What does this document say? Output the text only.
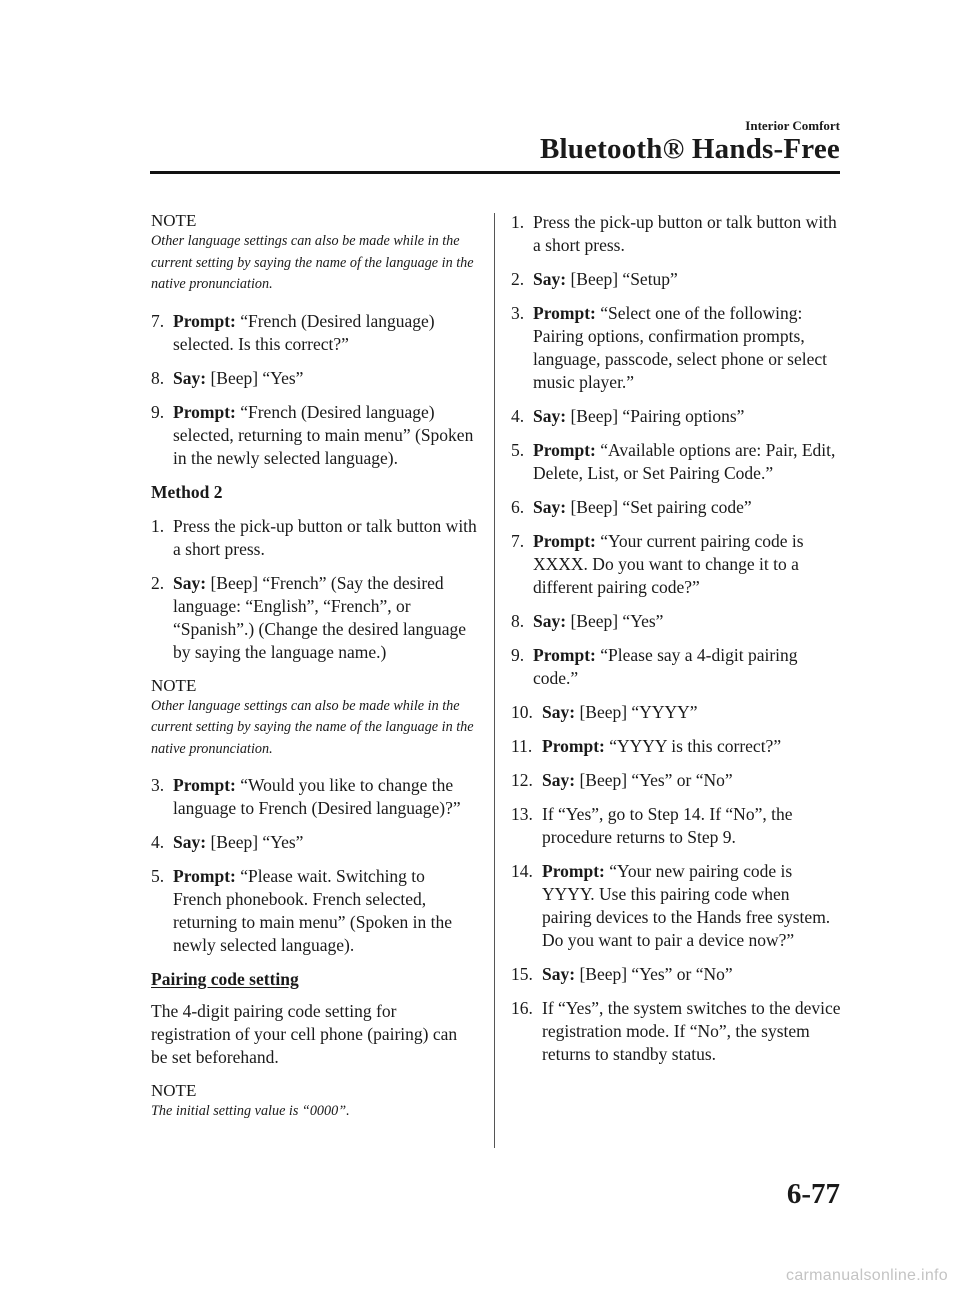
Interior Comfort
Bluetooth® Hands-Free

NOTE

Other language settings can also be made while in the current setting by saying the name of the language in the native pronunciation.

7. Prompt: “French (Desired language) selected. Is this correct?”
8. Say: [Beep] “Yes”
9. Prompt: “French (Desired language) selected, returning to main menu” (Spoken in the newly selected language).

Method 2

1. Press the pick-up button or talk button with a short press.
2. Say: [Beep] “French” (Say the desired language: “English”, “French”, or “Spanish”.) (Change the desired language by saying the language name.)

NOTE

Other language settings can also be made while in the current setting by saying the name of the language in the native pronunciation.

3. Prompt: “Would you like to change the language to French (Desired language)?”
4. Say: [Beep] “Yes”
5. Prompt: “Please wait. Switching to French phonebook. French selected, returning to main menu” (Spoken in the newly selected language).

Pairing code setting

The 4-digit pairing code setting for registration of your cell phone (pairing) can be set beforehand.

NOTE

The initial setting value is “0000”.

1. Press the pick-up button or talk button with a short press.
2. Say: [Beep] “Setup”
3. Prompt: “Select one of the following: Pairing options, confirmation prompts, language, passcode, select phone or select music player.”
4. Say: [Beep] “Pairing options”
5. Prompt: “Available options are: Pair, Edit, Delete, List, or Set Pairing Code.”
6. Say: [Beep] “Set pairing code”
7. Prompt: “Your current pairing code is XXXX. Do you want to change it to a different pairing code?”
8. Say: [Beep] “Yes”
9. Prompt: “Please say a 4-digit pairing code.”
10. Say: [Beep] “YYYY”
11. Prompt: “YYYY is this correct?”
12. Say: [Beep] “Yes” or “No”
13. If “Yes”, go to Step 14. If “No”, the procedure returns to Step 9.
14. Prompt: “Your new pairing code is YYYY. Use this pairing code when pairing devices to the Hands free system. Do you want to pair a device now?”
15. Say: [Beep] “Yes” or “No”
16. If “Yes”, the system switches to the device registration mode. If “No”, the system returns to standby status.
6-77
carmanualsonline.info
